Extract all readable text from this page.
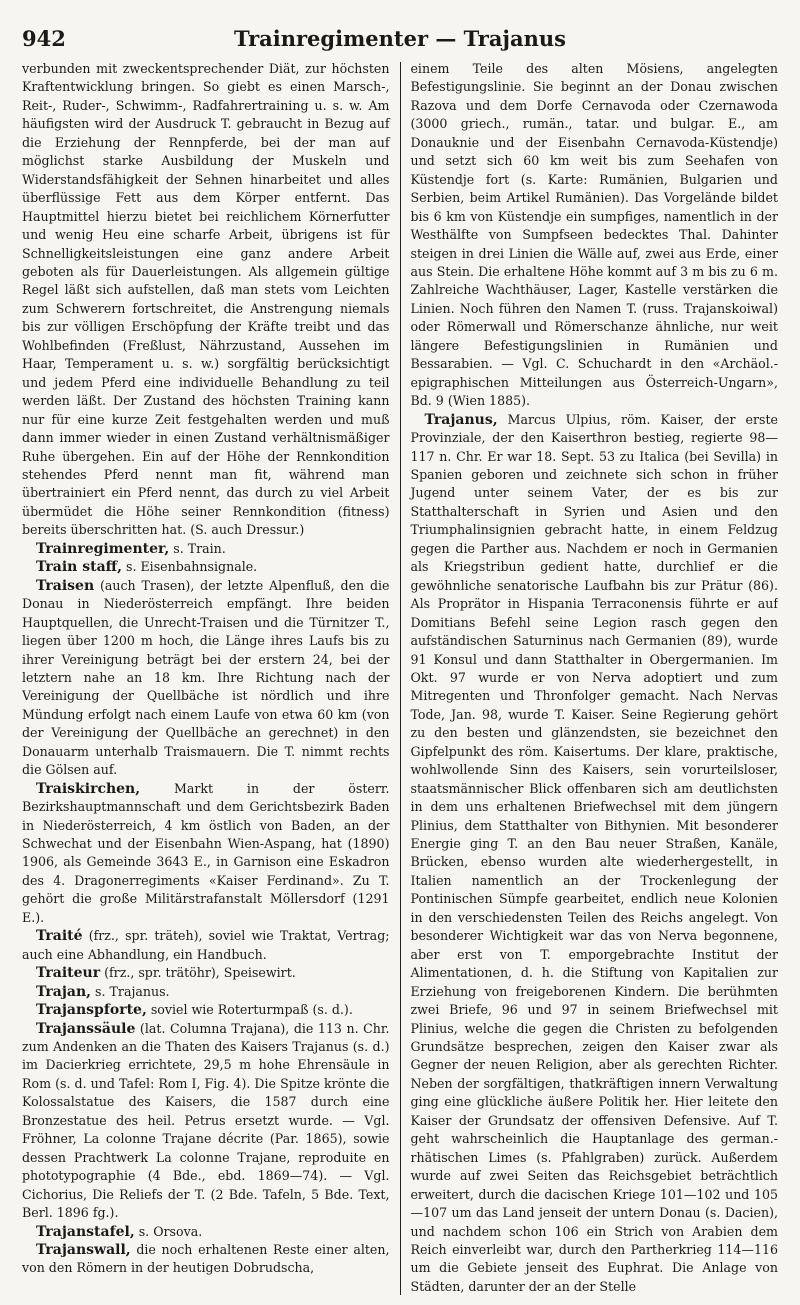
942	Trainregimenter — Trajanus

verbunden mit zweckentsprechender Diät, zur höchsten Kraftentwicklung bringen. So giebt es einen Marsch-, Reit-, Ruder-, Schwimm-, Radfahrertraining u. s. w. Am häufigsten wird der Ausdruck T. gebraucht in Bezug auf die Erziehung der Rennpferde, bei der man auf möglichst starke Ausbildung der Muskeln und Widerstandsfähigkeit der Sehnen hinarbeitet und alles überflüssige Fett aus dem Körper entfernt. Das Hauptmittel hierzu bietet bei reichlichem Körnerfutter und wenig Heu eine scharfe Arbeit, übrigens ist für Schnelligkeitsleistungen eine ganz andere Arbeit geboten als für Dauerleistungen. Als allgemein gültige Regel läßt sich aufstellen, daß man stets vom Leichten zum Schwerern fortschreitet, die Anstrengung niemals bis zur völligen Erschöpfung der Kräfte treibt und das Wohlbefinden (Freßlust, Nährzustand, Aussehen im Haar, Temperament u. s. w.) sorgfältig berücksichtigt und jedem Pferd eine individuelle Behandlung zu teil werden läßt. Der Zustand des höchsten Training kann nur für eine kurze Zeit festgehalten werden und muß dann immer wieder in einen Zustand verhältnismäßiger Ruhe übergehen. Ein auf der Höhe der Rennkondition stehendes Pferd nennt man fit, während man übertrainiert ein Pferd nennt, das durch zu viel Arbeit übermüdet die Höhe seiner Rennkondition (fitness) bereits überschritten hat. (S. auch Dressur.)

Trainregimenter, s. Train.

Train staff, s. Eisenbahnsignale.

Traisen (auch Trasen), der letzte Alpenfluß, den die Donau in Niederösterreich empfängt. Ihre beiden Hauptquellen, die Unrecht-Traisen und die Türnitzer T., liegen über 1200 m hoch, die Länge ihres Laufs bis zu ihrer Vereinigung beträgt bei der erstern 24, bei der letztern nahe an 18 km. Ihre Richtung nach der Vereinigung der Quellbäche ist nördlich und ihre Mündung erfolgt nach einem Laufe von etwa 60 km (von der Vereinigung der Quellbäche an gerechnet) in den Donauarm unterhalb Traismauern. Die T. nimmt rechts die Gölsen auf.

Traiskirchen, Markt in der österr. Bezirkshauptmannschaft und dem Gerichtsbezirk Baden in Niederösterreich, 4 km östlich von Baden, an der Schwechat und der Eisenbahn Wien-Aspang, hat (1890) 1906, als Gemeinde 3643 E., in Garnison eine Eskadron des 4. Dragonerregiments «Kaiser Ferdinand». Zu T. gehört die große Militärstrafanstalt Möllersdorf (1291 E.).

Traité (frz., spr. träteh), soviel wie Traktat, Vertrag; auch eine Abhandlung, ein Handbuch.

Traiteur (frz., spr. trätöhr), Speisewirt.

Trajan, s. Trajanus.

Trajanspforte, soviel wie Roterturmpaß (s. d.).

Trajanssäule (lat. Columna Trajana), die 113 n. Chr. zum Andenken an die Thaten des Kaisers Trajanus (s. d.) im Dacierkrieg errichtete, 29,5 m hohe Ehrensäule in Rom (s. d. und Tafel: Rom I, Fig. 4). Die Spitze krönte die Kolossalstatue des Kaisers, die 1587 durch eine Bronzestatue des heil. Petrus ersetzt wurde. — Vgl. Fröhner, La colonne Trajane décrite (Par. 1865), sowie dessen Prachtwerk La colonne Trajane, reproduite en phototypographie (4 Bde., ebd. 1869—74). — Vgl. Cichorius, Die Reliefs der T. (2 Bde. Tafeln, 5 Bde. Text, Berl. 1896 fg.).

Trajanstafel, s. Orsova.

Trajanswall, die noch erhaltenen Reste einer alten, von den Römern in der heutigen Dobrudscha,

einem Teile des alten Mösiens, angelegten Befestigungslinie. Sie beginnt an der Donau zwischen Razova und dem Dorfe Cernavoda oder Czernawoda (3000 griech., rumän., tatar. und bulgar. E., am Donauknie und der Eisenbahn Cernavoda-Küstendje) und setzt sich 60 km weit bis zum Seehafen von Küstendje fort (s. Karte: Rumänien, Bulgarien und Serbien, beim Artikel Rumänien). Das Vorgelände bildet bis 6 km von Küstendje ein sumpfiges, namentlich in der Westhälfte von Sumpfseen bedecktes Thal. Dahinter steigen in drei Linien die Wälle auf, zwei aus Erde, einer aus Stein. Die erhaltene Höhe kommt auf 3 m bis zu 6 m. Zahlreiche Wachthäuser, Lager, Kastelle verstärken die Linien. Noch führen den Namen T. (russ. Trajanskoiwal) oder Römerwall und Römerschanze ähnliche, nur weit längere Befestigungslinien in Rumänien und Bessarabien. — Vgl. C. Schuchardt in den «Archäol.-epigraphischen Mitteilungen aus Österreich-Ungarn», Bd. 9 (Wien 1885).

Trajanus, Marcus Ulpius, röm. Kaiser, der erste Provinziale, der den Kaiserthron bestieg, regierte 98—117 n. Chr. Er war 18. Sept. 53 zu Italica (bei Sevilla) in Spanien geboren und zeichnete sich schon in früher Jugend unter seinem Vater, der es bis zur Statthalterschaft in Syrien und Asien und den Triumphalinsignien gebracht hatte, in einem Feldzug gegen die Parther aus. Nachdem er noch in Germanien als Kriegstribun gedient hatte, durchlief er die gewöhnliche senatorische Laufbahn bis zur Prätur (86). Als Proprätor in Hispania Terraconensis führte er auf Domitians Befehl seine Legion rasch gegen den aufständischen Saturninus nach Germanien (89), wurde 91 Konsul und dann Statthalter in Obergermanien. Im Okt. 97 wurde er von Nerva adoptiert und zum Mitregenten und Thronfolger gemacht. Nach Nervas Tode, Jan. 98, wurde T. Kaiser. Seine Regierung gehört zu den besten und glänzendsten, sie bezeichnet den Gipfelpunkt des röm. Kaisertums. Der klare, praktische, wohlwollende Sinn des Kaisers, sein vorurteilsloser, staatsmännischer Blick offenbaren sich am deutlichsten in dem uns erhaltenen Briefwechsel mit dem jüngern Plinius, dem Statthalter von Bithynien. Mit besonderer Energie ging T. an den Bau neuer Straßen, Kanäle, Brücken, ebenso wurden alte wiederhergestellt, in Italien namentlich an der Trockenlegung der Pontinischen Sümpfe gearbeitet, endlich neue Kolonien in den verschiedensten Teilen des Reichs angelegt. Von besonderer Wichtigkeit war das von Nerva begonnene, aber erst von T. emporgebrachte Institut der Alimentationen, d. h. die Stiftung von Kapitalien zur Erziehung von freigeborenen Kindern. Die berühmten zwei Briefe, 96 und 97 in seinem Briefwechsel mit Plinius, welche die gegen die Christen zu befolgenden Grundsätze besprechen, zeigen den Kaiser zwar als Gegner der neuen Religion, aber als gerechten Richter. Neben der sorgfältigen, thatkräftigen innern Verwaltung ging eine glückliche äußere Politik her. Hier leitete den Kaiser der Grundsatz der offensiven Defensive. Auf T. geht wahrscheinlich die Hauptanlage des german.-rhätischen Limes (s. Pfahlgraben) zurück. Außerdem wurde auf zwei Seiten das Reichsgebiet beträchtlich erweitert, durch die dacischen Kriege 101—102 und 105—107 um das Land jenseit der untern Donau (s. Dacien), und nachdem schon 106 ein Strich von Arabien dem Reich einverleibt war, durch den Partherkrieg 114—116 um die Gebiete jenseit des Euphrat. Die Anlage von Städten, darunter der an der Stelle
